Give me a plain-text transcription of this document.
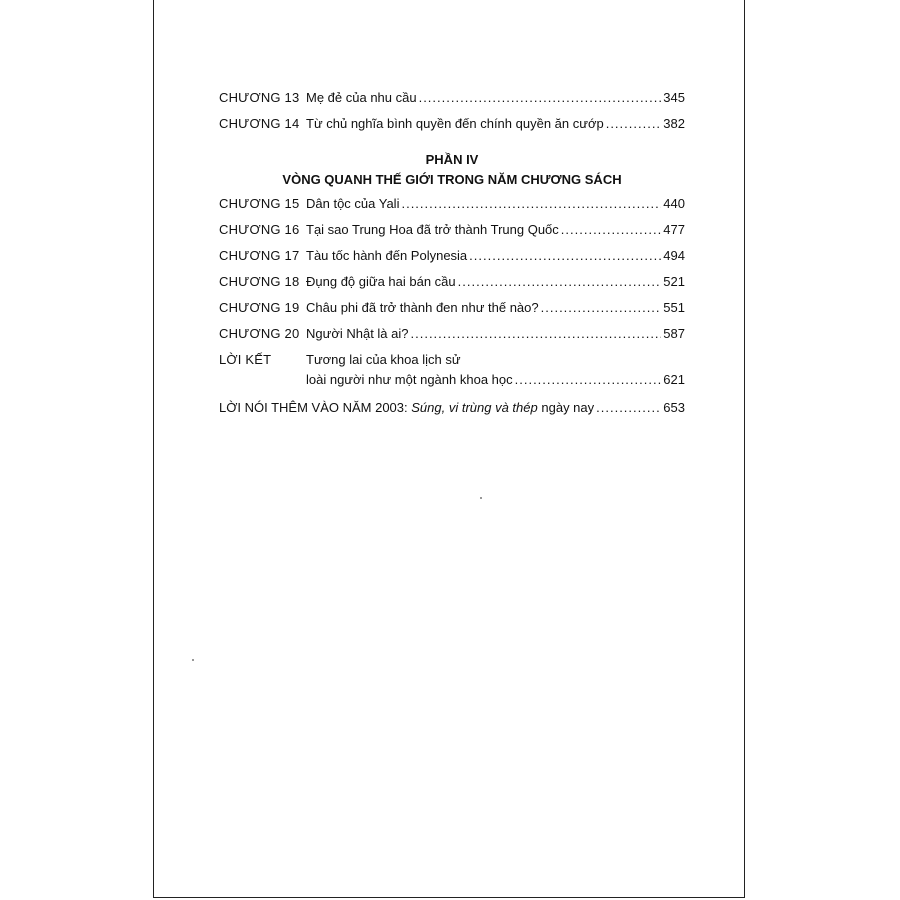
CHƯƠNG 13 Mẹ đẻ của nhu cầu .....	345
CHƯƠNG 14 Từ chủ nghĩa bình quyền đến chính quyền ăn cướp .....	382
PHẦN IV
VÒNG QUANH THẾ GIỚI TRONG NĂM CHƯƠNG SÁCH
CHƯƠNG 15 Dân tộc của Yali .....	440
CHƯƠNG 16 Tại sao Trung Hoa đã trở thành Trung Quốc .....	477
CHƯƠNG 17 Tàu tốc hành đến Polynesia .....	494
CHƯƠNG 18 Đụng độ giữa hai bán cầu .....	521
CHƯƠNG 19 Châu phi đã trở thành đen như thế nào? .....	551
CHƯƠNG 20 Người Nhật là ai? .....	587
LỜI KẾT	Tương lai của khoa lịch sử
loài người như một ngành khoa học .....	621
LỜI NÓI THÊM VÀO NĂM 2003:
Súng, vi trùng và thép
ngày nay .....	653
